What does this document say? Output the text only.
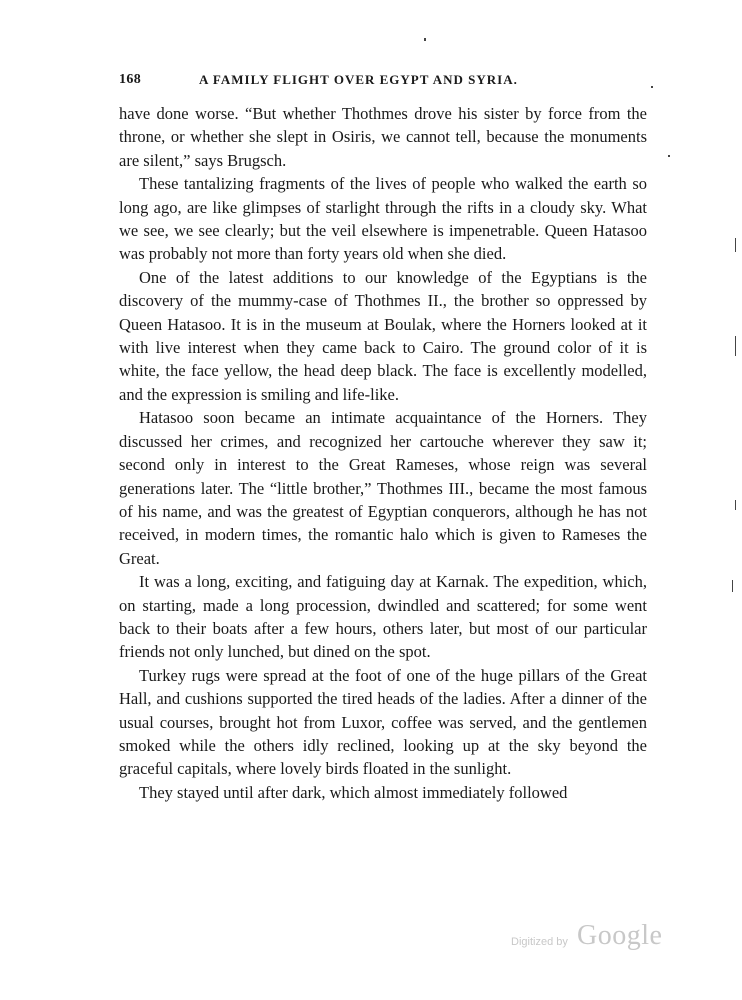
168	A FAMILY FLIGHT OVER EGYPT AND SYRIA.

have done worse. “But whether Thothmes drove his sister by force from the throne, or whether she slept in Osiris, we cannot tell, because the monuments are silent,” says Brugsch.

These tantalizing fragments of the lives of people who walked the earth so long ago, are like glimpses of starlight through the rifts in a cloudy sky. What we see, we see clearly; but the veil elsewhere is impenetrable. Queen Hatasoo was probably not more than forty years old when she died.

One of the latest additions to our knowledge of the Egyptians is the discovery of the mummy-case of Thothmes II., the brother so oppressed by Queen Hatasoo. It is in the museum at Boulak, where the Horners looked at it with live interest when they came back to Cairo. The ground color of it is white, the face yellow, the head deep black. The face is excellently modelled, and the expression is smiling and life-like.

Hatasoo soon became an intimate acquaintance of the Horners. They discussed her crimes, and recognized her cartouche wherever they saw it; second only in interest to the Great Rameses, whose reign was several generations later. The “little brother,” Thothmes III., became the most famous of his name, and was the greatest of Egyptian conquerors, although he has not received, in modern times, the romantic halo which is given to Rameses the Great.

It was a long, exciting, and fatiguing day at Karnak. The expedition, which, on starting, made a long procession, dwindled and scattered; for some went back to their boats after a few hours, others later, but most of our particular friends not only lunched, but dined on the spot.

Turkey rugs were spread at the foot of one of the huge pillars of the Great Hall, and cushions supported the tired heads of the ladies. After a dinner of the usual courses, brought hot from Luxor, coffee was served, and the gentlemen smoked while the others idly reclined, looking up at the sky beyond the graceful capitals, where lovely birds floated in the sunlight.

They stayed until after dark, which almost immediately followed

Digitized by Google
